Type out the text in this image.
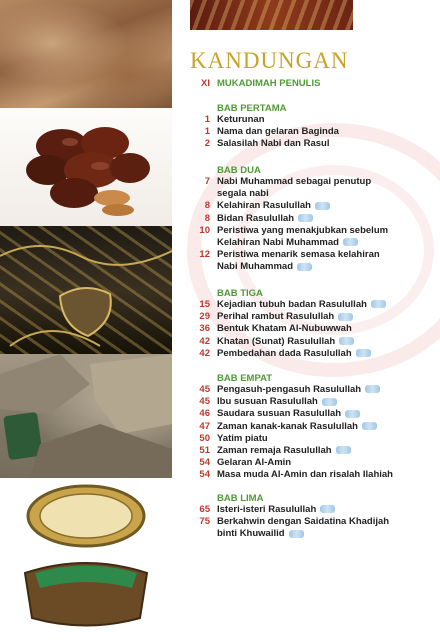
KANDUNGAN
XI MUKADIMAH PENULIS
BAB PERTAMA
1 Keturunan
1 Nama dan gelaran Baginda
2 Salasilah Nabi dan Rasul
BAB DUA
7 Nabi Muhammad sebagai penutup
segala nabi
8 Kelahiran Rasulullah
8 Bidan Rasulullah
10 Peristiwa yang menakjubkan sebelum
Kelahiran Nabi Muhammad
12 Peristiwa menarik semasa kelahiran
Nabi Muhammad
BAB TIGA
15 Kejadian tubuh badan Rasulullah
29 Perihal rambut Rasulullah
36 Bentuk Khatam Al-Nubuwwah
42 Khatan (Sunat) Rasulullah
42 Pembedahan dada Rasulullah
BAB EMPAT
45 Pengasuh-pengasuh Rasulullah
45 Ibu susuan Rasulullah
46 Saudara susuan Rasulullah
47 Zaman kanak-kanak Rasulullah
50 Yatim piatu
51 Zaman remaja Rasulullah
54 Gelaran Al-Amin
54 Masa muda Al-Amin dan risalah Ilahiah
BAB LIMA
65 Isteri-isteri Rasulullah
75 Berkahwin dengan Saidatina Khadijah
binti Khuwailid
